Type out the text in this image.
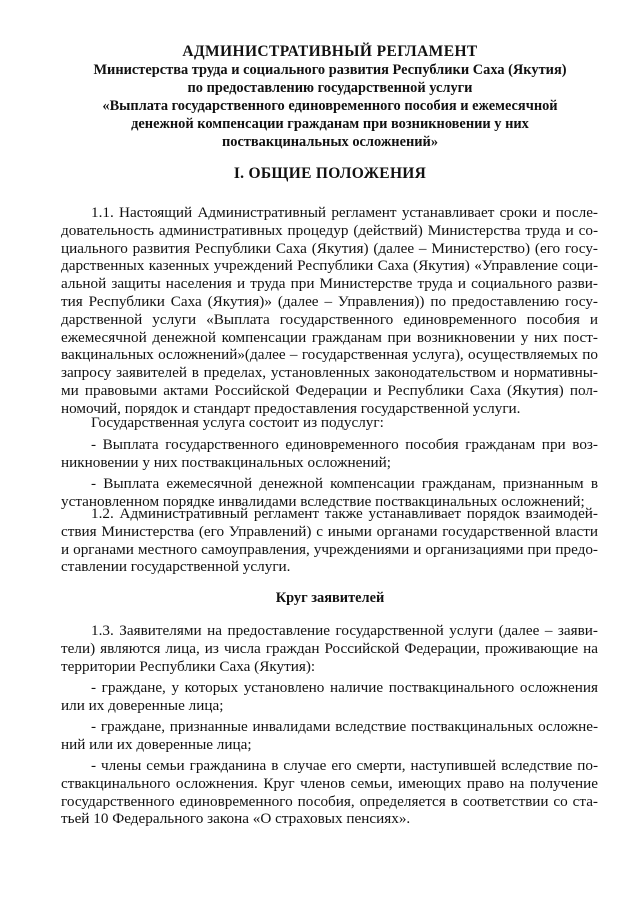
АДМИНИСТРАТИВНЫЙ РЕГЛАМЕНТ
Министерства труда и социального развития Республики Саха (Якутия)
по предоставлению государственной услуги
«Выплата государственного единовременного пособия и ежемесячной
денежной компенсации гражданам при возникновении у них
поствакцинальных осложнений»
I. ОБЩИЕ ПОЛОЖЕНИЯ
1.1. Настоящий Административный регламент устанавливает сроки и после-
довательность административных процедур (действий) Министерства труда и со-
циального развития Республики Саха (Якутия) (далее – Министерство) (его госу-
дарственных казенных учреждений Республики Саха (Якутия) «Управление соци-
альной защиты населения и труда при Министерстве труда и социального разви-
тия Республики Саха (Якутия)» (далее – Управления)) по предоставлению госу-
дарственной услуги «Выплата государственного единовременного пособия и
ежемесячной денежной компенсации гражданам при возникновении у них пост-
вакцинальных осложнений»(далее – государственная услуга), осуществляемых по
запросу заявителей в пределах, установленных законодательством и нормативны-
ми правовыми актами Российской Федерации и Республики Саха (Якутия) пол-
номочий, порядок и стандарт предоставления государственной услуги.
Государственная услуга состоит из подуслуг:
- Выплата государственного единовременного пособия гражданам при воз-
никновении у них поствакцинальных осложнений;
- Выплата ежемесячной денежной компенсации гражданам, признанным в
установленном порядке инвалидами вследствие поствакцинальных осложнений;
1.2. Административный регламент также устанавливает порядок взаимодей-
ствия Министерства (его Управлений) с иными органами государственной власти
и органами местного самоуправления, учреждениями и организациями при предо-
ставлении государственной услуги.
Круг заявителей
1.3. Заявителями на предоставление государственной услуги (далее – заяви-
тели) являются лица, из числа граждан Российской Федерации, проживающие на
территории Республики Саха (Якутия):
- граждане, у которых установлено наличие поствакцинального осложнения
или их доверенные лица;
- граждане, признанные инвалидами вследствие поствакцинальных осложне-
ний или их доверенные лица;
- члены семьи гражданина в случае его смерти, наступившей вследствие по-
ствакцинального осложнения. Круг членов семьи, имеющих право на получение
государственного единовременного пособия, определяется в соответствии со ста-
тьей 10 Федерального закона «О страховых пенсиях».
